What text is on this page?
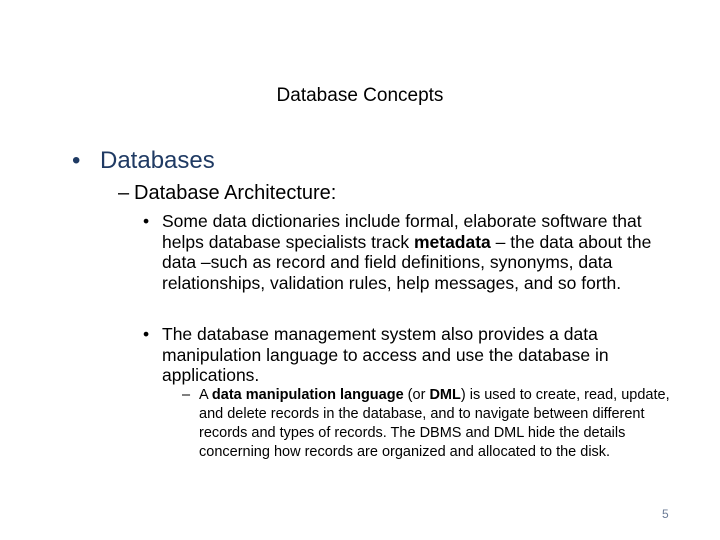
Database Concepts
• Databases
– Database Architecture:
• Some data dictionaries include formal, elaborate software that helps database specialists track metadata – the data about the data –such as record and field definitions, synonyms, data relationships, validation rules, help messages, and so forth.
• The database management system also provides a data manipulation language to access and use the database in applications.
– A data manipulation language (or DML) is used to create, read, update, and delete records in the database, and to navigate between different records and types of records. The DBMS and DML hide the details concerning how records are organized and allocated to the disk.
5
